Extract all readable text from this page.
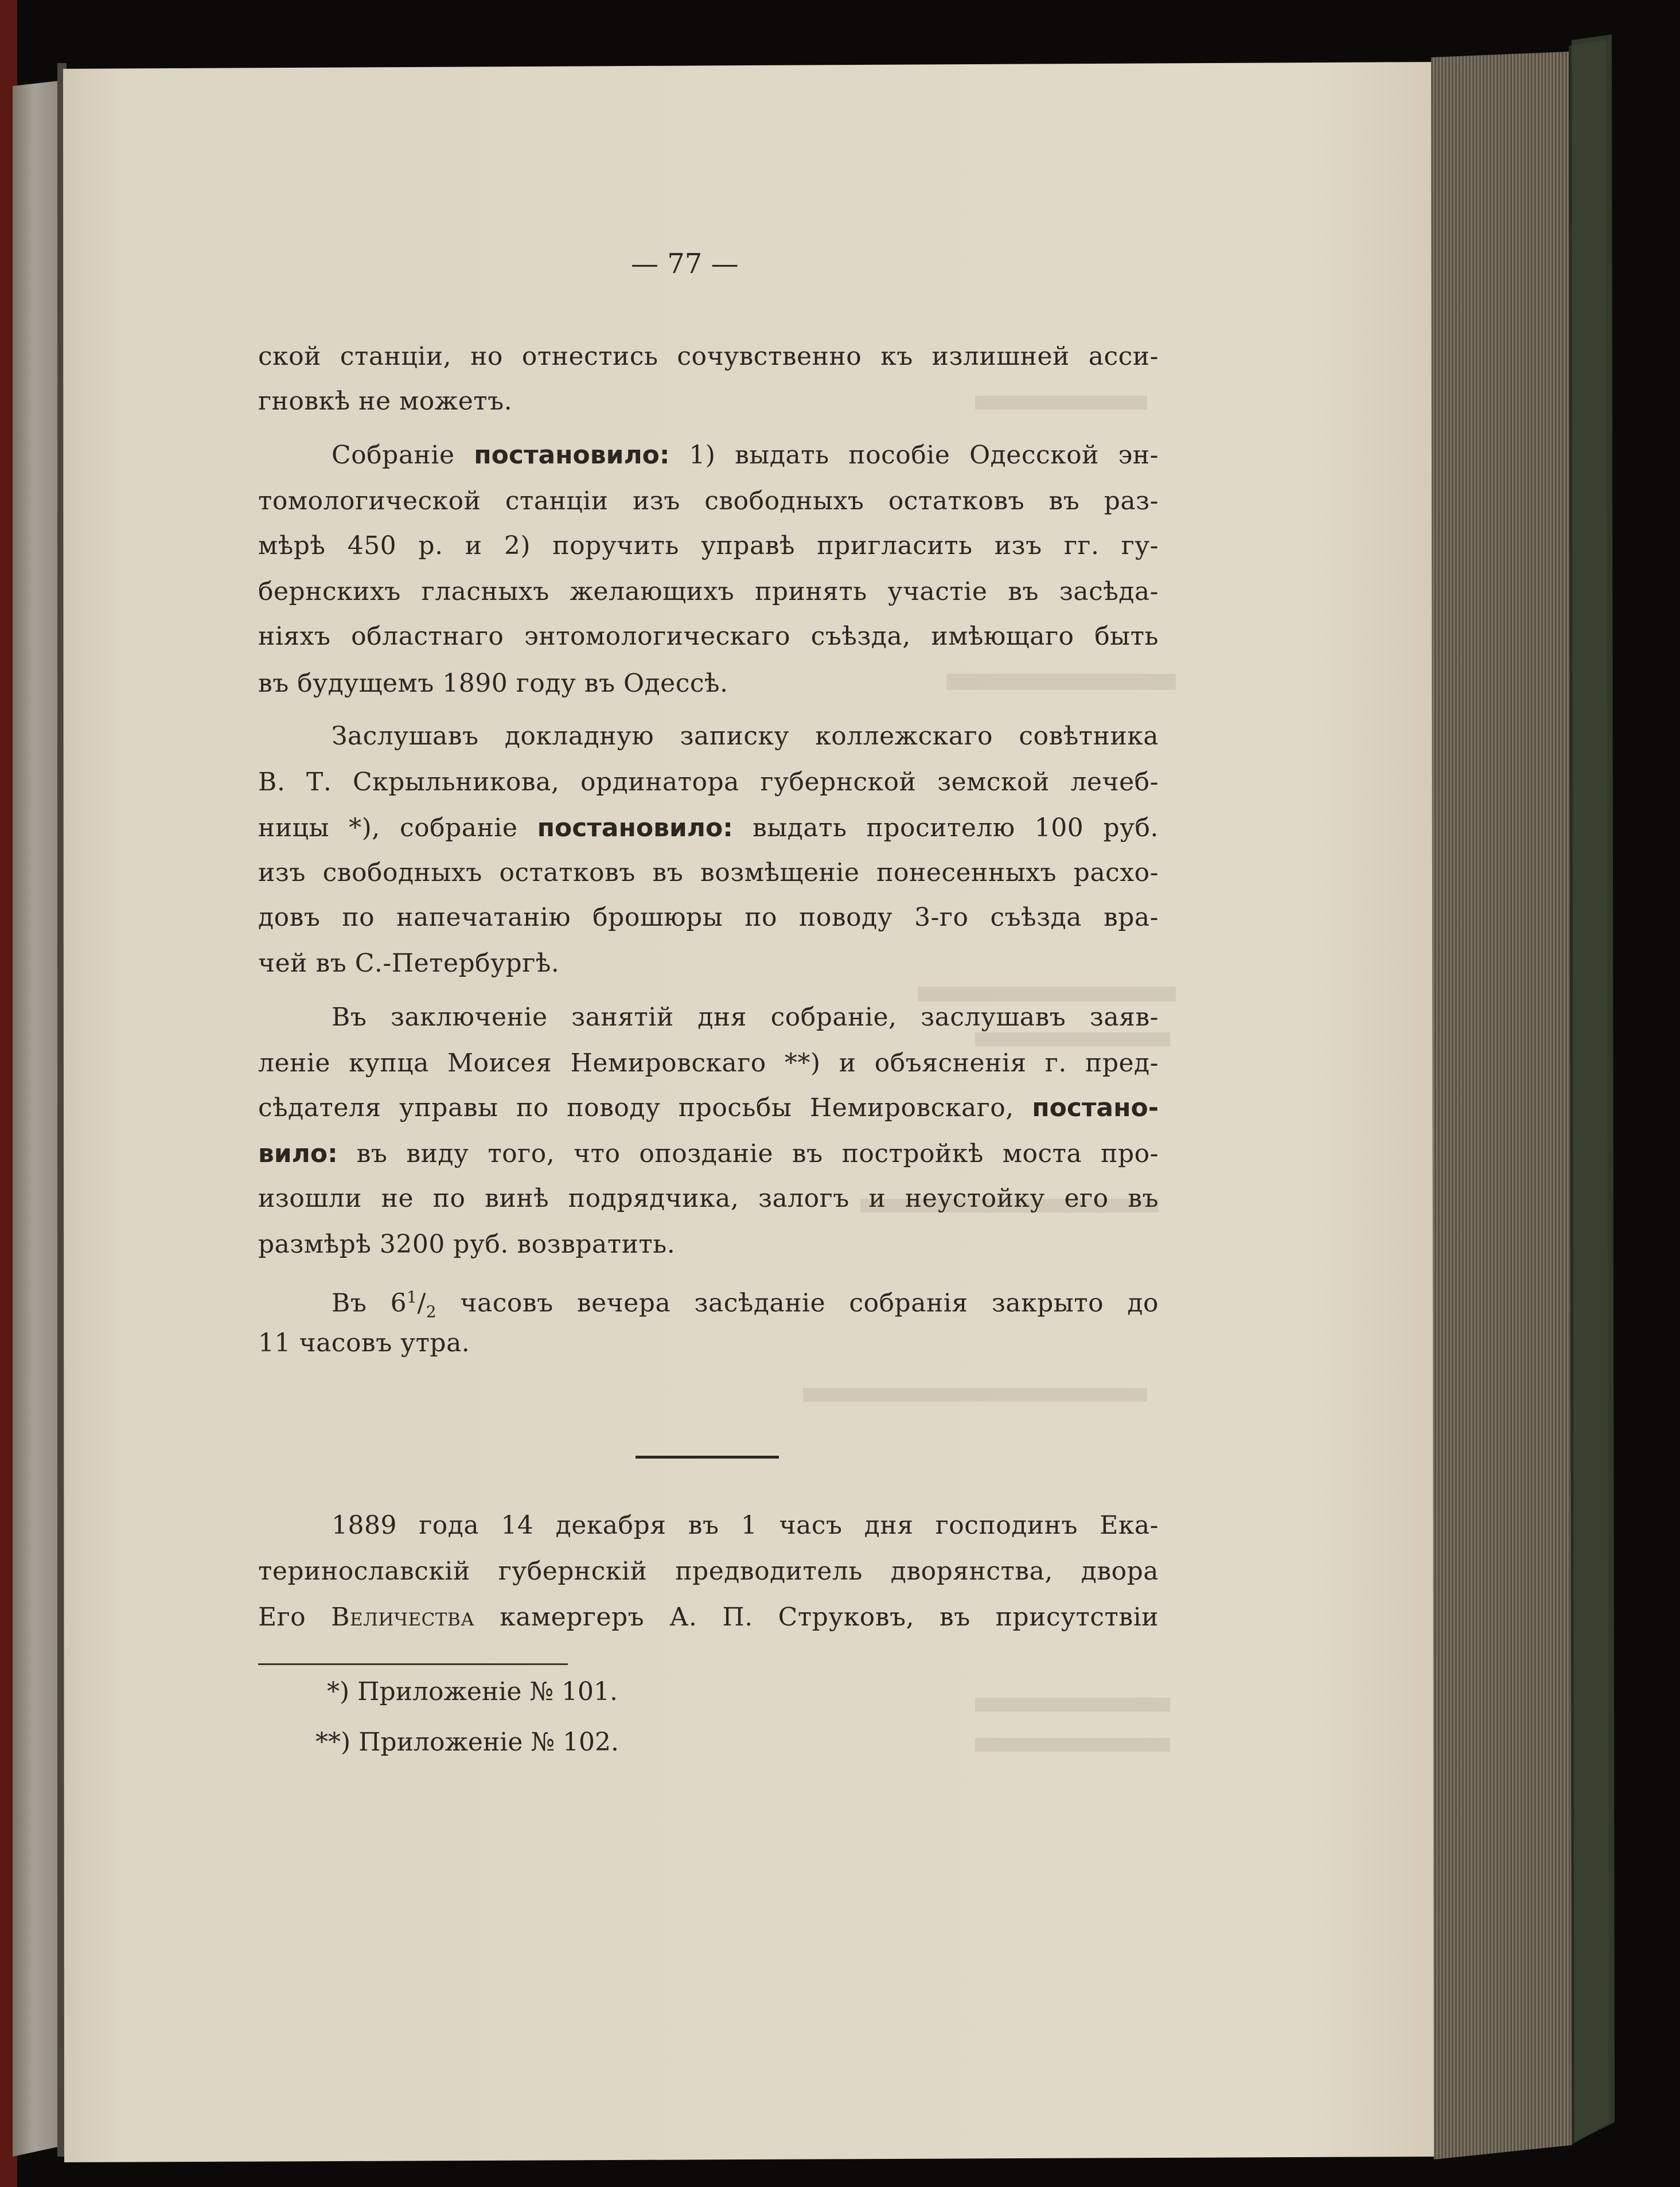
— 77 —
ской станціи, но отнестись сочувственно къ излишней асси-
гновкѣ не можетъ.
Собраніе постановило: 1) выдать пособіе Одесской эн-
томологической станціи изъ свободныхъ остатковъ въ раз-
мѣрѣ 450 р. и 2) поручить управѣ пригласить изъ гг. гу-
бернскихъ гласныхъ желающихъ принять участіе въ засѣда-
ніяхъ областнаго энтомологическаго съѣзда, имѣющаго быть
въ будущемъ 1890 году въ Одессѣ.
Заслушавъ докладную записку коллежскаго совѣтника
В. Т. Скрыльникова, ординатора губернской земской лечеб-
ницы *), собраніе постановило: выдать просителю 100 руб.
изъ свободныхъ остатковъ въ возмѣщеніе понесенныхъ расхо-
довъ по напечатанію брошюры по поводу 3-го съѣзда вра-
чей въ С.-Петербургѣ.
Въ заключеніе занятій дня собраніе, заслушавъ заяв-
леніе купца Моисея Немировскаго **) и объясненія г. пред-
сѣдателя управы по поводу просьбы Немировскаго, постано-
вило: въ виду того, что опозданіе въ постройкѣ моста про-
изошли не по винѣ подрядчика, залогъ и неустойку его въ
размѣрѣ 3200 руб. возвратить.
Въ $6^1/_2$ часовъ вечера засѣданіе собранія закрыто до
11 часовъ утра.
1889 года 14 декабря въ 1 часъ дня господинъ Ека-
теринославскій губернскій предводитель дворянства, двора
Его Величества камергеръ А. П. Струковъ, въ присутствіи
*) Приложеніе № 101.
**) Приложеніе № 102.
